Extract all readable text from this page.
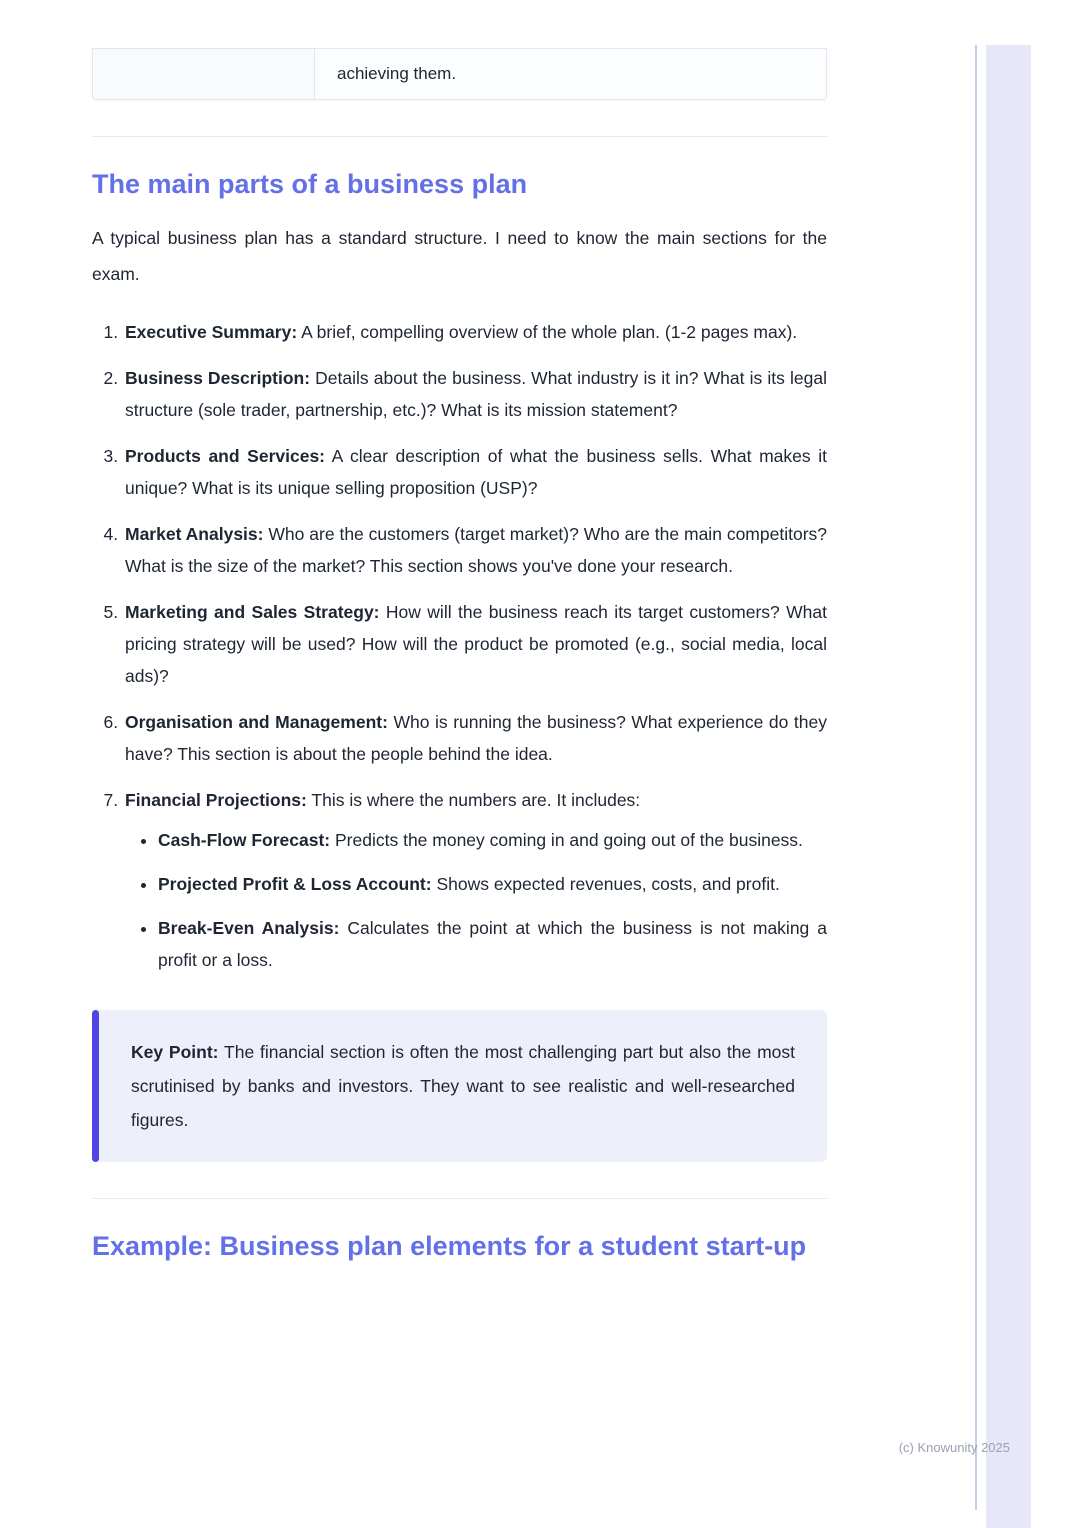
achieving them.
The main parts of a business plan

A typical business plan has a standard structure. I need to know the main sections for the exam.

1. Executive Summary: A brief, compelling overview of the whole plan. (1-2 pages max).
2. Business Description: Details about the business. What industry is it in? What is its legal structure (sole trader, partnership, etc.)? What is its mission statement?
3. Products and Services: A clear description of what the business sells. What makes it unique? What is its unique selling proposition (USP)?
4. Market Analysis: Who are the customers (target market)? Who are the main competitors? What is the size of the market? This section shows you've done your research.
5. Marketing and Sales Strategy: How will the business reach its target customers? What pricing strategy will be used? How will the product be promoted (e.g., social media, local ads)?
6. Organisation and Management: Who is running the business? What experience do they have? This section is about the people behind the idea.
7. Financial Projections: This is where the numbers are. It includes:
• Cash-Flow Forecast: Predicts the money coming in and going out of the business.
• Projected Profit & Loss Account: Shows expected revenues, costs, and profit.
• Break-Even Analysis: Calculates the point at which the business is not making a profit or a loss.
Key Point: The financial section is often the most challenging part but also the most scrutinised by banks and investors. They want to see realistic and well-researched figures.
Example: Business plan elements for a student start-up
(c) Knowunity 2025
